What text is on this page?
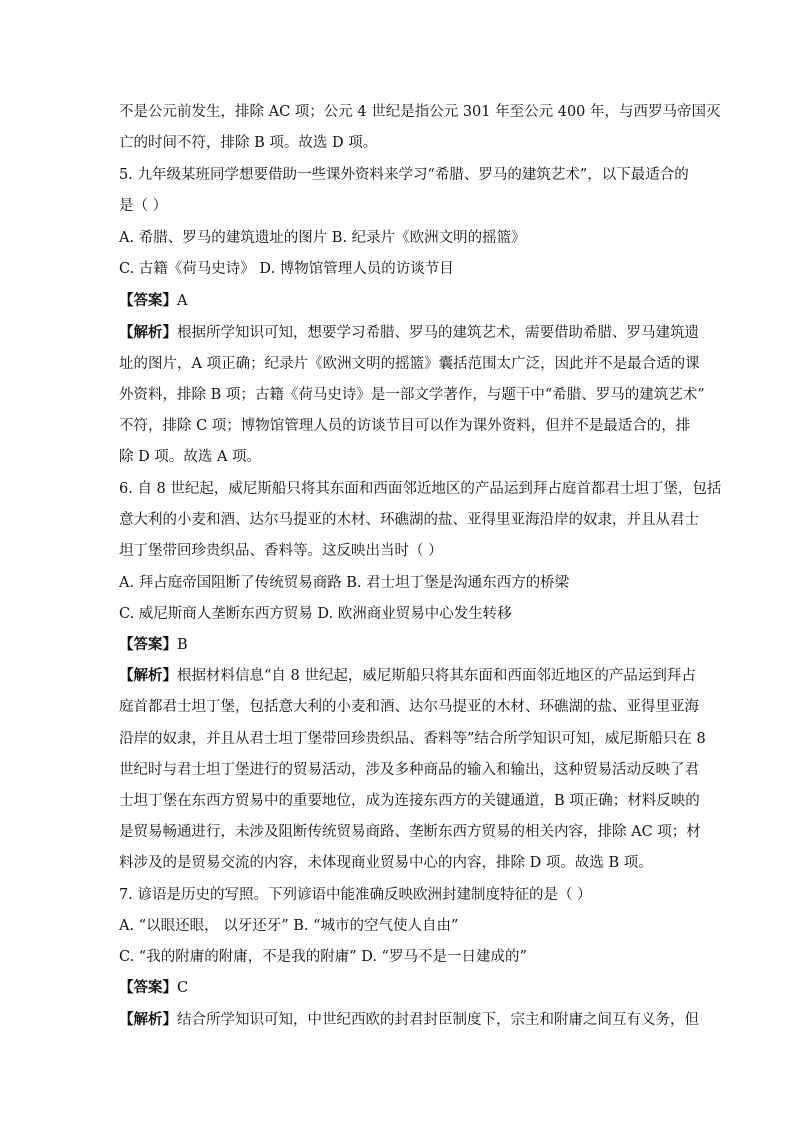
不是公元前发生，排除 AC 项；公元 4 世纪是指公元 301 年至公元 400 年，与西罗马帝国灭
亡的时间不符，排除 B 项。故选 D 项。
5. 九年级某班同学想要借助一些课外资料来学习“希腊、罗马的建筑艺术”，以下最适合的
是（ ）
A. 希腊、罗马的建筑遗址的图片 B. 纪录片《欧洲文明的摇篮》
C. 古籍《荷马史诗》 D. 博物馆管理人员的访谈节目
【答案】A
【解析】根据所学知识可知，想要学习希腊、罗马的建筑艺术，需要借助希腊、罗马建筑遗
址的图片，A 项正确；纪录片《欧洲文明的摇篮》囊括范围太广泛，因此并不是最合适的课
外资料，排除 B 项；古籍《荷马史诗》是一部文学著作，与题干中“希腊、罗马的建筑艺术”
不符，排除 C 项；博物馆管理人员的访谈节目可以作为课外资料，但并不是最适合的，排
除 D 项。故选 A 项。
6. 自 8 世纪起，威尼斯船只将其东面和西面邻近地区的产品运到拜占庭首都君士坦丁堡，包括
意大利的小麦和酒、达尔马提亚的木材、环礁湖的盐、亚得里亚海沿岸的奴隶，并且从君士
坦丁堡带回珍贵织品、香料等。这反映出当时（ ）
A. 拜占庭帝国阻断了传统贸易商路 B. 君士坦丁堡是沟通东西方的桥梁
C. 威尼斯商人垄断东西方贸易 D. 欧洲商业贸易中心发生转移
【答案】B
【解析】根据材料信息“自 8 世纪起，威尼斯船只将其东面和西面邻近地区的产品运到拜占
庭首都君士坦丁堡，包括意大利的小麦和酒、达尔马提亚的木材、环礁湖的盐、亚得里亚海
沿岸的奴隶，并且从君士坦丁堡带回珍贵织品、香料等”结合所学知识可知，威尼斯船只在 8
世纪时与君士坦丁堡进行的贸易活动，涉及多种商品的输入和输出，这种贸易活动反映了君
士坦丁堡在东西方贸易中的重要地位，成为连接东西方的关键通道，B 项正确；材料反映的
是贸易畅通进行，未涉及阻断传统贸易商路、垄断东西方贸易的相关内容，排除 AC 项；材
料涉及的是贸易交流的内容，未体现商业贸易中心的内容，排除 D 项。故选 B 项。
7. 谚语是历史的写照。下列谚语中能准确反映欧洲封建制度特征的是（ ）
A. “以眼还眼， 以牙还牙” B. “城市的空气使人自由”
C. “我的附庸的附庸，不是我的附庸” D. “罗马不是一日建成的”
【答案】C
【解析】结合所学知识可知，中世纪西欧的封君封臣制度下，宗主和附庸之间互有义务，但
